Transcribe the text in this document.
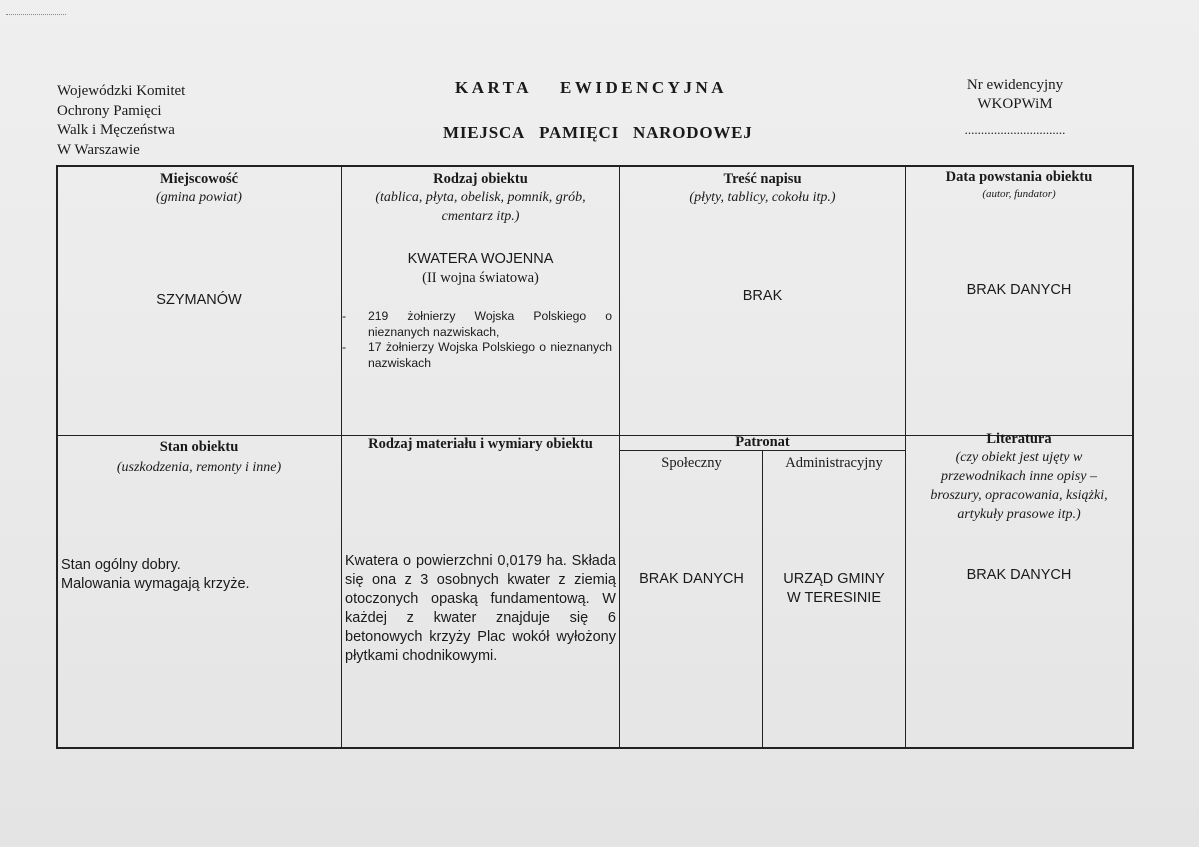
Wojewódzki Komitet
Ochrony Pamięci
Walk i Męczeństwa
W Warszawie
KARTA EWIDENCYJNA
MIEJSCA PAMIĘCI NARODOWEJ
Nr ewidencyjny
WKOPWiM
...............................
Miejscowość
(gmina powiat)
SZYMANÓW
Rodzaj obiektu
(tablica, płyta, obelisk, pomnik, grób,
cmentarz itp.)
KWATERA WOJENNA
(II wojna światowa)
- 219 żołnierzy Wojska Polskiego o nieznanych nazwiskach,
- 17 żołnierzy Wojska Polskiego o nieznanych nazwiskach
Treść napisu
(płyty, tablicy, cokołu itp.)
BRAK
Data powstania obiektu
(autor, fundator)
BRAK DANYCH
Stan obiektu
(uszkodzenia, remonty i inne)
Stan ogólny dobry.
Malowania wymagają krzyże.
Rodzaj materiału i wymiary obiektu
Kwatera o powierzchni 0,0179 ha. Składa się ona z 3 osobnych kwater z ziemią otoczonych opaską fundamentową. W każdej z kwater znajduje się 6 betonowych krzyży Plac wokół wyłożony płytkami chodnikowymi.
Patronat
Społeczny	Administracyjny
BRAK DANYCH	URZĄD GMINY
W TERESINIE
Literatura
(czy obiekt jest ujęty w
przewodnikach inne opisy –
broszury, opracowania, książki,
artykuły prasowe itp.)
BRAK DANYCH
